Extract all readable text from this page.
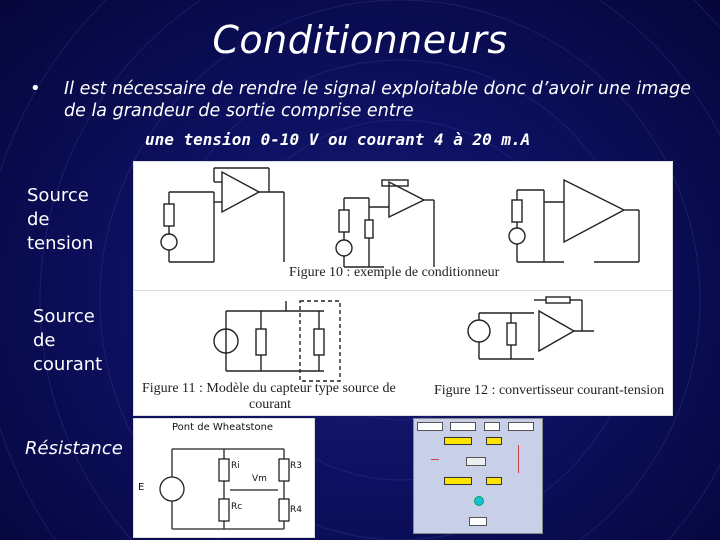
Conditionneurs
• Il est nécessaire de rendre le signal exploitable donc d’avoir une image de la grandeur de sortie comprise entre
une tension 0-10 V ou courant 4 à 20 m.A
Source
de
tension
Source
de
courant
Résistance
Figure 10 : exemple de conditionneur
Figure 11 : Modèle du capteur type source de
courant
Figure 12 : convertisseur courant-tension
Pont de Wheatstone
E
Ri	R3
Vm
Rc	R4
